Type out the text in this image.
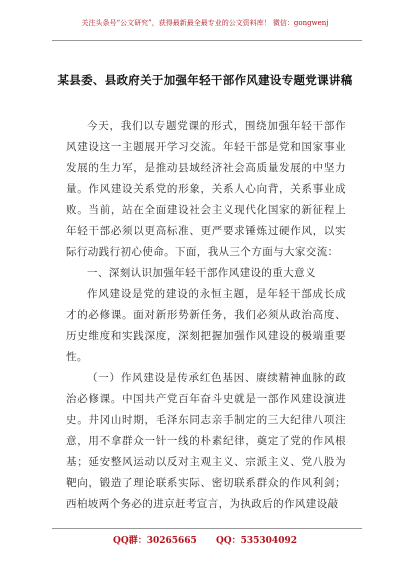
关注头条号“公文研究”，获得最新最全最专业的公文资料库！ 微信：gongwenj
某县委、县政府关于加强年轻干部作风建设专题党课讲稿

今天，我们以专题党课的形式，围绕加强年轻干部作风建设这一主题展开学习交流。年轻干部是党和国家事业发展的生力军，是推动县域经济社会高质量发展的中坚力量。作风建设关系党的形象，关系人心向背，关系事业成败。当前，站在全面建设社会主义现代化国家的新征程上年轻干部必须以更高标准、更严要求锤炼过硬作风，以实际行动践行初心使命。下面，我从三个方面与大家交流：

一、深刻认识加强年轻干部作风建设的重大意义

作风建设是党的建设的永恒主题，是年轻干部成长成才的必修课。面对新形势新任务，我们必须从政治高度、历史维度和实践深度，深刻把握加强作风建设的极端重要性。

（一）作风建设是传承红色基因、赓续精神血脉的政治必修课。中国共产党百年奋斗史就是一部作风建设演进史。井冈山时期，毛泽东同志亲手制定的三大纪律八项注意，用不拿群众一针一线的朴素纪律，奠定了党的作风根基；延安整风运动以反对主观主义、宗派主义、党八股为靶向，锻造了理论联系实际、密切联系群众的作风利剑；西柏坡两个务必的进京赶考宣言，为执政后的作风建设敲

QQ群：30265665 QQ：535304092
